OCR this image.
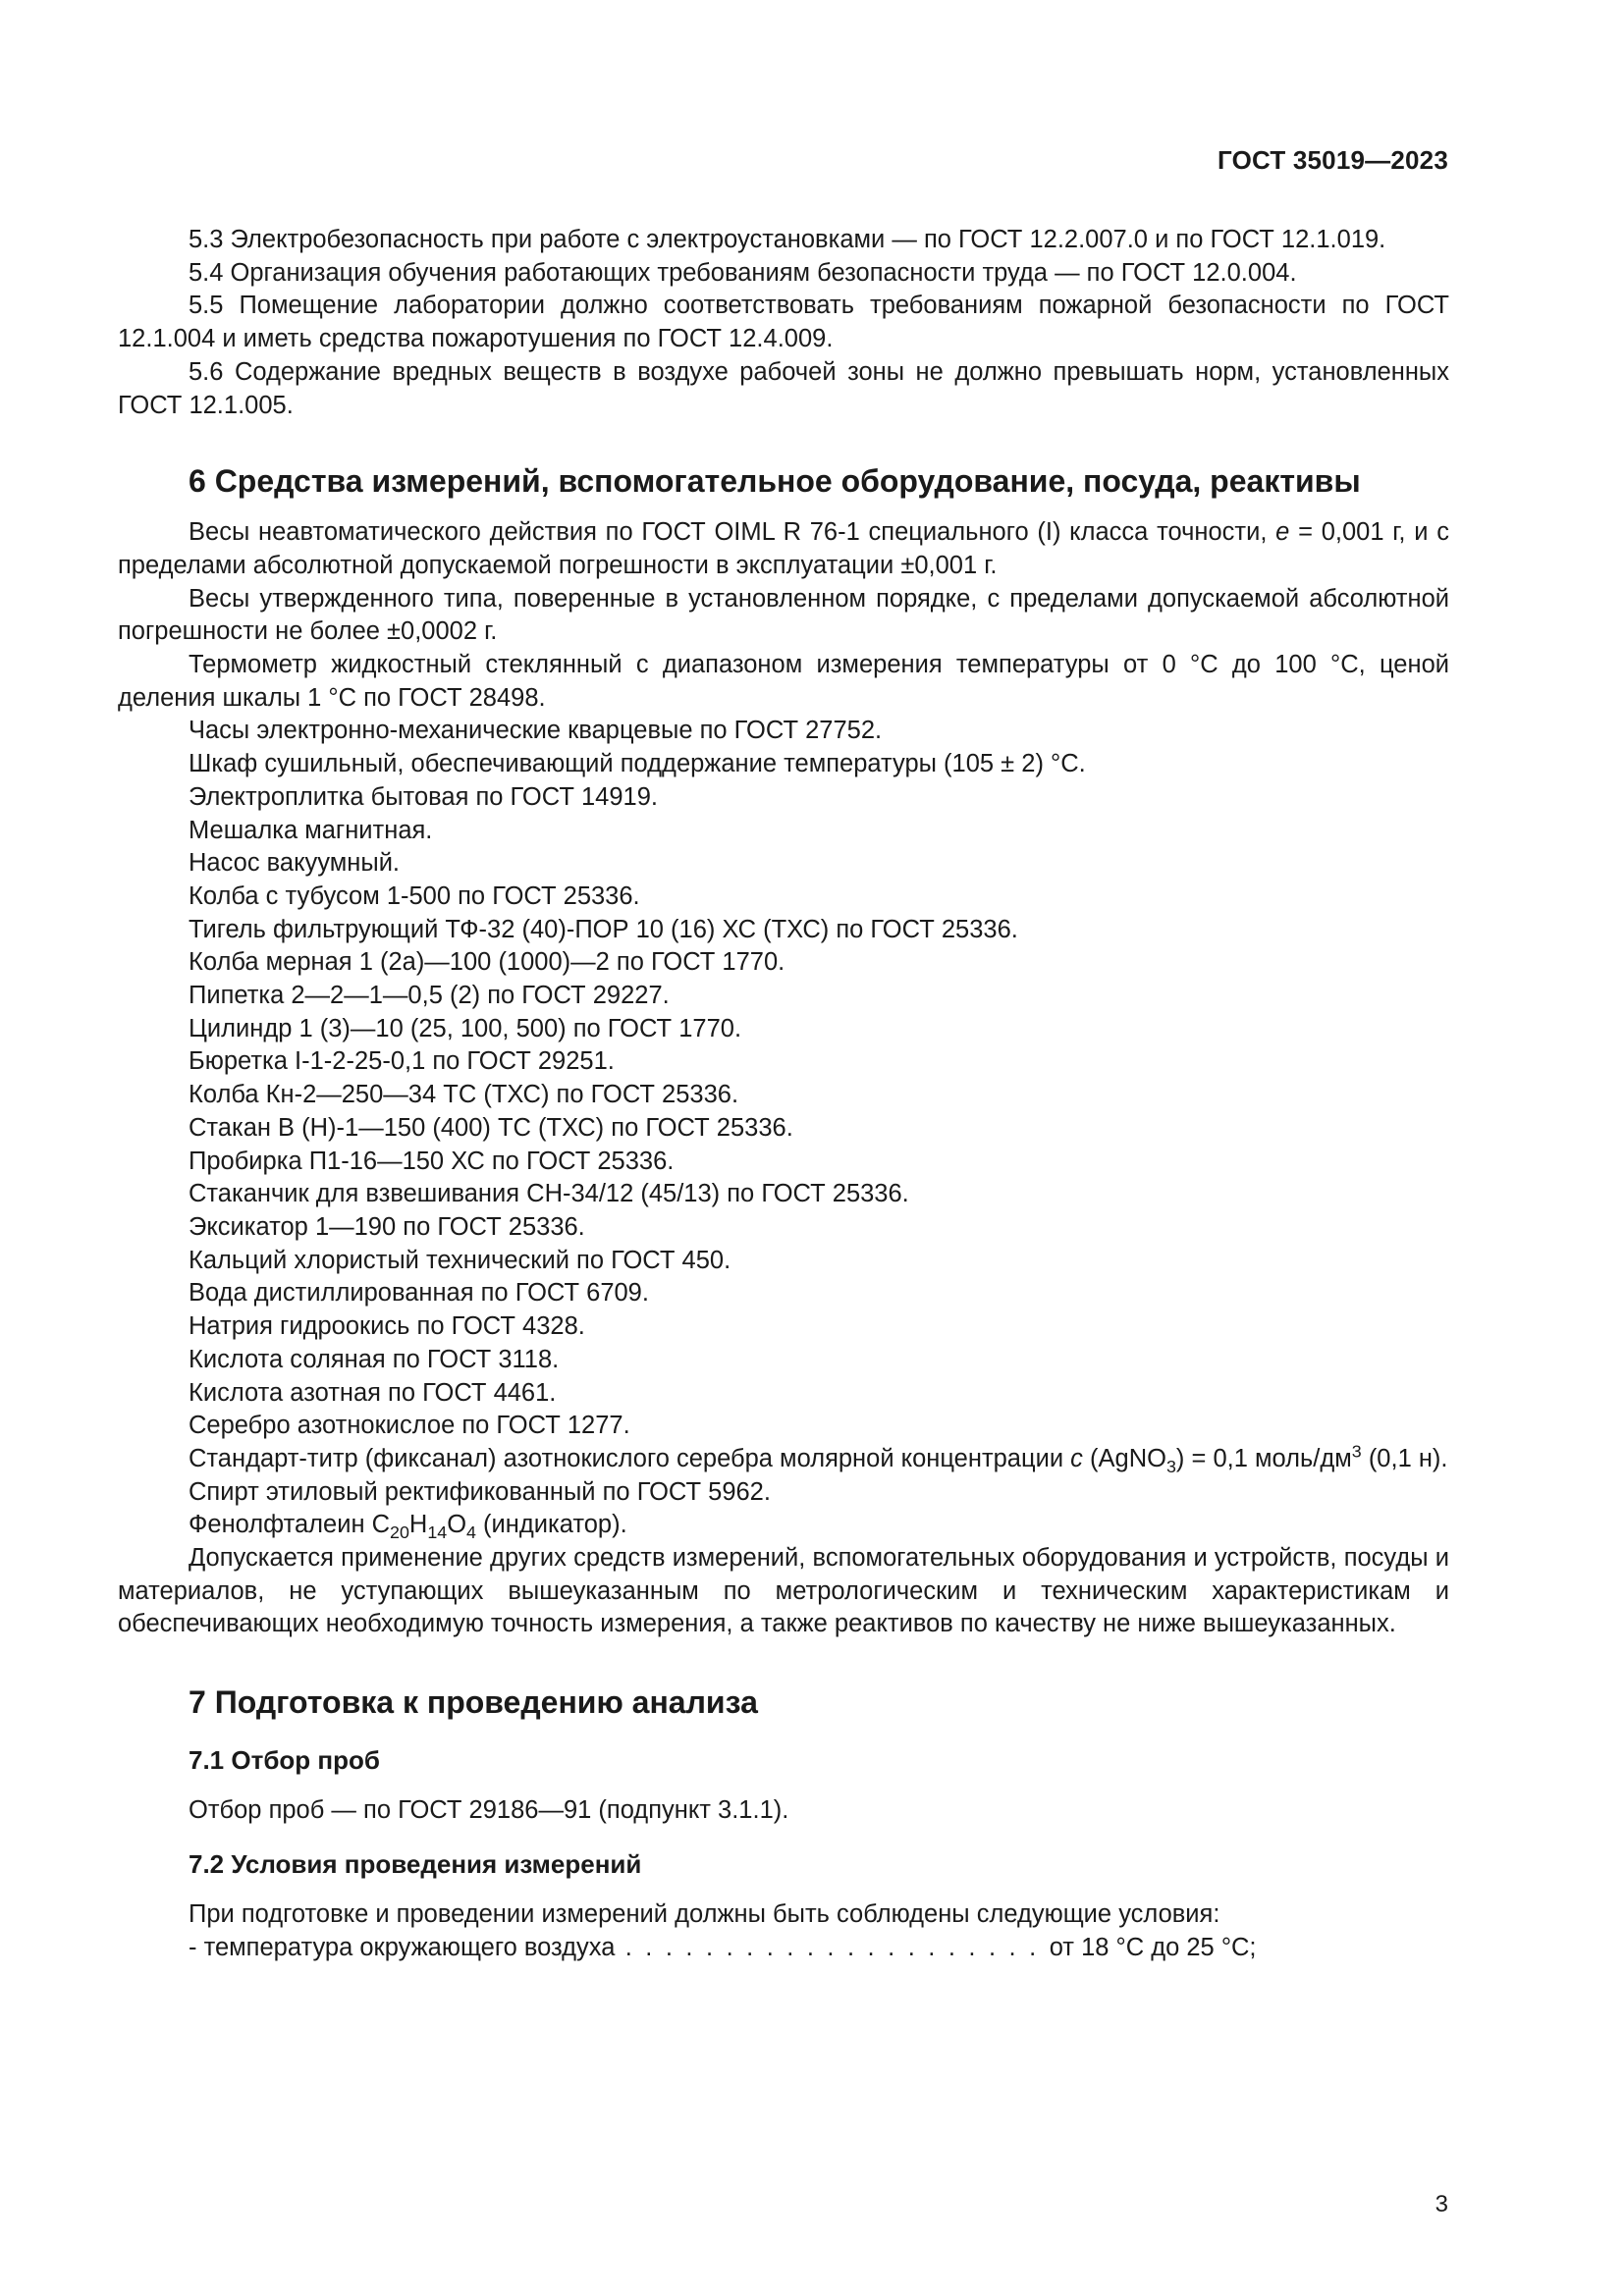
ГОСТ 35019—2023

5.3 Электробезопасность при работе с электроустановками — по ГОСТ 12.2.007.0 и по ГОСТ 12.1.019.

5.4 Организация обучения работающих требованиям безопасности труда — по ГОСТ 12.0.004.

5.5 Помещение лаборатории должно соответствовать требованиям пожарной безопасности по ГОСТ 12.1.004 и иметь средства пожаротушения по ГОСТ 12.4.009.

5.6 Содержание вредных веществ в воздухе рабочей зоны не должно превышать норм, установленных ГОСТ 12.1.005.

6 Средства измерений, вспомогательное оборудование, посуда, реактивы

Весы неавтоматического действия по ГОСТ OIML R 76-1 специального (I) класса точности, e = 0,001 г, и с пределами абсолютной допускаемой погрешности в эксплуатации ±0,001 г.

Весы утвержденного типа, поверенные в установленном порядке, с пределами допускаемой абсолютной погрешности не более ±0,0002 г.

Термометр жидкостный стеклянный с диапазоном измерения температуры от 0 °С до 100 °С, ценой деления шкалы 1 °С по ГОСТ 28498.

Часы электронно-механические кварцевые по ГОСТ 27752.
Шкаф сушильный, обеспечивающий поддержание температуры (105 ± 2) °С.
Электроплитка бытовая по ГОСТ 14919.
Мешалка магнитная.
Насос вакуумный.
Колба с тубусом 1-500 по ГОСТ 25336.
Тигель фильтрующий ТФ-32 (40)-ПОР 10 (16) ХС (ТХС) по ГОСТ 25336.
Колба мерная 1 (2а)—100 (1000)—2 по ГОСТ 1770.
Пипетка 2—2—1—0,5 (2) по ГОСТ 29227.
Цилиндр 1 (3)—10 (25, 100, 500) по ГОСТ 1770.
Бюретка I-1-2-25-0,1 по ГОСТ 29251.
Колба Кн-2—250—34 ТС (ТХС) по ГОСТ 25336.
Стакан В (Н)-1—150 (400) ТС (ТХС) по ГОСТ 25336.
Пробирка П1-16—150 ХС по ГОСТ 25336.
Стаканчик для взвешивания СН-34/12 (45/13) по ГОСТ 25336.
Эксикатор 1—190 по ГОСТ 25336.
Кальций хлористый технический по ГОСТ 450.
Вода дистиллированная по ГОСТ 6709.
Натрия гидроокись по ГОСТ 4328.
Кислота соляная по ГОСТ 3118.
Кислота азотная по ГОСТ 4461.
Серебро азотнокислое по ГОСТ 1277.

Стандарт-титр (фиксанал) азотнокислого серебра молярной концентрации c (AgNO$_3$) = 0,1 моль/$дм^3$ (0,1 н).

Спирт этиловый ректификованный по ГОСТ 5962.
Фенолфталеин $C_{20}H_{14}O_4$ (индикатор).

Допускается применение других средств измерений, вспомогательных оборудования и устройств, посуды и материалов, не уступающих вышеуказанным по метрологическим и техническим характеристикам и обеспечивающих необходимую точность измерения, а также реактивов по качеству не ниже вышеуказанных.

7 Подготовка к проведению анализа
7.1 Отбор проб

Отбор проб — по ГОСТ 29186—91 (подпункт 3.1.1).

7.2 Условия проведения измерений

При подготовке и проведении измерений должны быть соблюдены следующие условия:

- температура окружающего воздуха . . . . . . . . . . . . . . . . . . . . . от 18 °С до 25 °С;
3
